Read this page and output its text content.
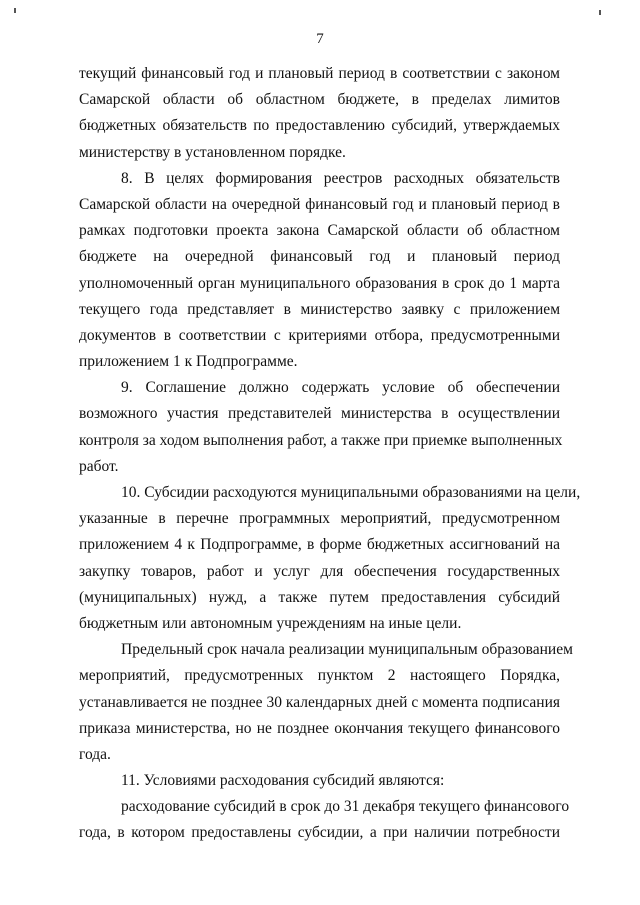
7
текущий финансовый год и плановый период в соответствии с законом
Самарской области об областном бюджете, в пределах лимитов
бюджетных обязательств по предоставлению субсидий, утверждаемых
министерству в установленном порядке.
8. В целях формирования реестров расходных обязательств
Самарской области на очередной финансовый год и плановый период в
рамках подготовки проекта закона Самарской области об областном
бюджете на очередной финансовый год и плановый период
уполномоченный орган муниципального образования в срок до 1 марта
текущего года представляет в министерство заявку с приложением
документов в соответствии с критериями отбора, предусмотренными
приложением 1 к Подпрограмме.
9. Соглашение должно содержать условие об обеспечении
возможного участия представителей министерства в осуществлении
контроля за ходом выполнения работ, а также при приемке выполненных
работ.
10. Субсидии расходуются муниципальными образованиями на цели,
указанные в перечне программных мероприятий, предусмотренном
приложением 4 к Подпрограмме, в форме бюджетных ассигнований на
закупку товаров, работ и услуг для обеспечения государственных
(муниципальных) нужд, а также путем предоставления субсидий
бюджетным или автономным учреждениям на иные цели.
Предельный срок начала реализации муниципальным образованием
мероприятий, предусмотренных пунктом 2 настоящего Порядка,
устанавливается не позднее 30 календарных дней с момента подписания
приказа министерства, но не позднее окончания текущего финансового
года.
11. Условиями расходования субсидий являются:
расходование субсидий в срок до 31 декабря текущего финансового
года, в котором предоставлены субсидии, а при наличии потребности
